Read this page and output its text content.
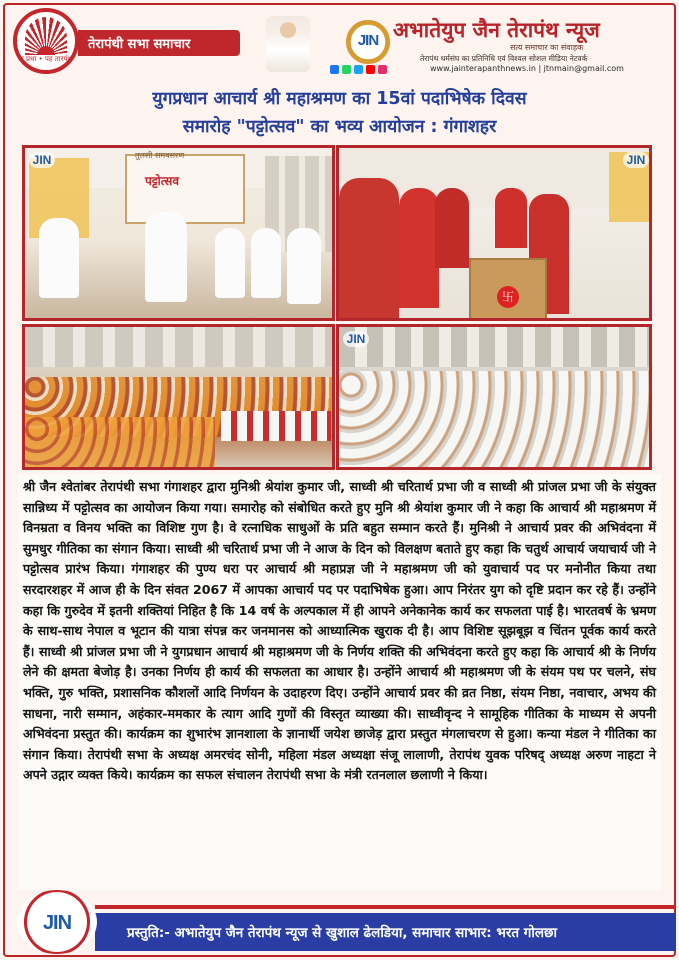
द प्रथा • पह तारपंथ
तेरापंथी सभा समाचार	JIN अभातेयुप जैन तेरापंथ न्यूज
सत्य समाचार का संवाहक
तेरापंथ धर्मसंघ का प्रतिनिधि एवं विश्वल सोशल मीडिया नेटवर्क
www.jainterapanthnews.in | jtnmain@gmail.com
युगप्रधान आचार्य श्री महाश्रमण का 15वां पदाभिषेक दिवस
समारोह "पट्टोत्सव" का भव्य आयोजन : गंगाशहर
पट्टोत्सव
तुलसी समवसरण
JIN
卐
JIN
JIN
श्री जैन श्वेतांबर तेरापंथी सभा गंगाशहर द्वारा मुनिश्री श्रेयांश कुमार जी, साध्वी श्री चरितार्थ प्रभा जी व साध्वी श्री प्रांजल प्रभा जी के संयुक्त सान्निध्य में पट्टोत्सव का आयोजन किया गया। समारोह को संबोधित करते हुए मुनि श्री श्रेयांश कुमार जी ने कहा कि आचार्य श्री महाश्रमण में विनम्रता व विनय भक्ति का विशिष्ट गुण है। वे रत्नाधिक साधुओं के प्रति बहुत सम्मान करते हैं। मुनिश्री ने आचार्य प्रवर की अभिवंदना में सुमधुर गीतिका का संगान किया। साध्वी श्री चरितार्थ प्रभा जी ने आज के दिन को विलक्षण बताते हुए कहा कि चतुर्थ आचार्य जयाचार्य जी ने पट्टोत्सव प्रारंभ किया। गंगाशहर की पुण्य धरा पर आचार्य श्री महाप्रज्ञ जी ने महाश्रमण जी को युवाचार्य पद पर मनोनीत किया तथा सरदारशहर में आज ही के दिन संवत 2067 में आपका आचार्य पद पर पदाभिषेक हुआ। आप निरंतर युग को दृष्टि प्रदान कर रहे हैं। उन्होंने कहा कि गुरुदेव में इतनी शक्तियां निहित है कि 14 वर्ष के अल्पकाल में ही आपने अनेकानेक कार्य कर सफलता पाई है। भारतवर्ष के भ्रमण के साथ-साथ नेपाल व भूटान की यात्रा संपन्न कर जनमानस को आध्यात्मिक खुराक दी है। आप विशिष्ट सूझबूझ व चिंतन पूर्वक कार्य करते हैं। साध्वी श्री प्रांजल प्रभा जी ने युगप्रधान आचार्य श्री महाश्रमण जी के निर्णय शक्ति की अभिवंदना करते हुए कहा कि आचार्य श्री के निर्णय लेने की क्षमता बेजोड़ है। उनका निर्णय ही कार्य की सफलता का आधार है। उन्होंने आचार्य श्री महाश्रमण जी के संयम पथ पर चलने, संघ भक्ति, गुरु भक्ति, प्रशासनिक कौशलों आदि निर्णयन के उदाहरण दिए। उन्होंने आचार्य प्रवर की व्रत निष्ठा, संयम निष्ठा, नवाचार, अभय की साधना, नारी सम्मान, अहंकार-ममकार के त्याग आदि गुणों की विस्तृत व्याख्या की। साध्वीवृन्द ने सामूहिक गीतिका के माध्यम से अपनी अभिवंदना प्रस्तुत की। कार्यक्रम का शुभारंभ ज्ञानशाला के ज्ञानार्थी जयेश छाजेड़ द्वारा प्रस्तुत मंगलाचरण से हुआ। कन्या मंडल ने गीतिका का संगान किया। तेरापंथी सभा के अध्यक्ष अमरचंद सोनी, महिला मंडल अध्यक्षा संजू लालाणी, तेरापंथ युवक परिषद् अध्यक्ष अरुण नाहटा ने अपने उद्गार व्यक्त किये। कार्यक्रम का सफल संचालन तेरापंथी सभा के मंत्री रतनलाल छलाणी ने किया।
प्रस्तुति:- अभातेयुप जैन तेरापंथ न्यूज से खुशाल ढेलडिया, समाचार साभार: भरत गोलछा
JIN
